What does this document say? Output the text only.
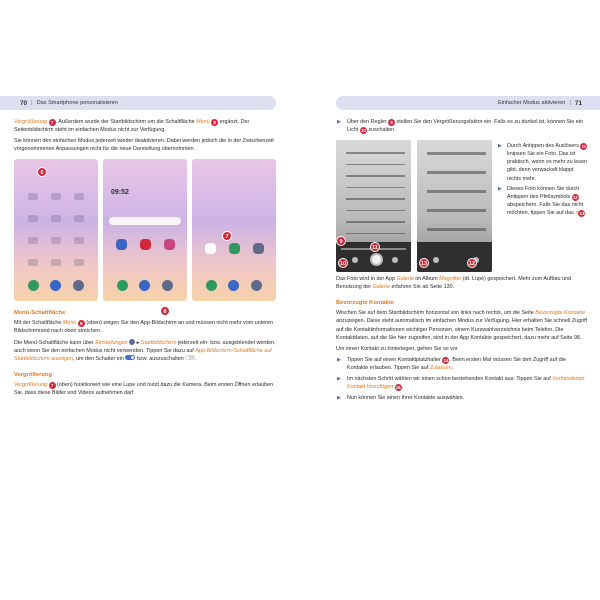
70 | Das Smartphone personalisieren

Vergrößerung 7 . Außerdem wurde der Startbildschirm um die Schaltfläche Menü 8 ergänzt. Der Seitenbildschirm steht im einfachen Modus nicht zur Verfügung.

Sie können den einfachen Modus jederzeit wieder deaktivieren. Dabei werden jedoch die in der Zwischenzeit vorgenommenen Anpassungen nicht für die neue Darstellung übernommen.

6
09:52
7
8
Menü-Schaltfläche

Mit der Schaltfläche Menü 8 (oben) zeigen Sie den App-Bildschirm an und müssen nicht mehr vom unteren Bildschirmrand nach oben streichen.

Die Menü-Schaltfläche kann über Einstellungen  ▸ Startbildschirm jederzeit ein- bzw. ausgeblendet werden, auch wenn Sie den einfachen Modus nicht verwenden. Tippen Sie dazu auf App-Bildschirm-Schaltfläche auf Startbildschirm anzeigen, um den Schalter ein  bzw. auszuschalten .

Vergrößerung

Vergrößerung 7 (oben) funktioniert wie eine Lupe und nutzt dazu die Kamera. Beim ersten Öffnen erlauben Sie, dass diese Bilder und Videos aufnehmen darf.

Einfacher Modus aktivieren | 71
▶ Über den Regler 9 stellen Sie den Vergrößerungsfaktor ein. Falls es zu dunkel ist, können Sie ein Licht 10 zuschalten.
9
10
11
13	12
▶ Durch Antippen des Auslösers 11 knipsen Sie ein Foto. Das ist praktisch, wenn es mehr zu lesen gibt, denn verwackelt klappt nichts mehr.
▶ Dieses Foto können Sie durch Antippen des Pfeilsymbols 12 abspeichern. Falls Sie das nicht möchten, tippen Sie auf das ×13.

Das Foto wird in der App Galerie im Album Magnifier (dt. Lupe) gespeichert. Mehr zum Aufbau und Benutzung der Galerie erfahren Sie ab Seite 130.

Bevorzugte Kontakte

Wischen Sie auf dem Startbildschirm horizontal von links nach rechts, um die Seite Bevorzugte Kontakte anzuzeigen. Diese steht automatisch im einfachen Modus zur Verfügung. Hier erhalten Sie schnell Zugriff auf die Kontaktinformationen wichtiger Personen, einem Kurzwahlverzeichnis beim Telefon. Die Kontaktdaten, auf die Sie hier zugreifen, sind in der App Kontakte gespeichert, dazu mehr auf Seite 98.

Um einen Kontakt zu hinterlegen, gehen Sie so vor.

▶ Tippen Sie auf einen Kontaktplatzhalter 14. Beim ersten Mal müssen Sie den Zugriff auf die Kontakte erlauben. Tippen Sie auf Zulassen.
▶ Im nächsten Schritt wählen wir einen schon bestehenden Kontakt aus: Tippen Sie auf Vorhandenen Kontakt hinzufügen 15.
▶ Nun können Sie einen Ihrer Kontakte auswählen.
